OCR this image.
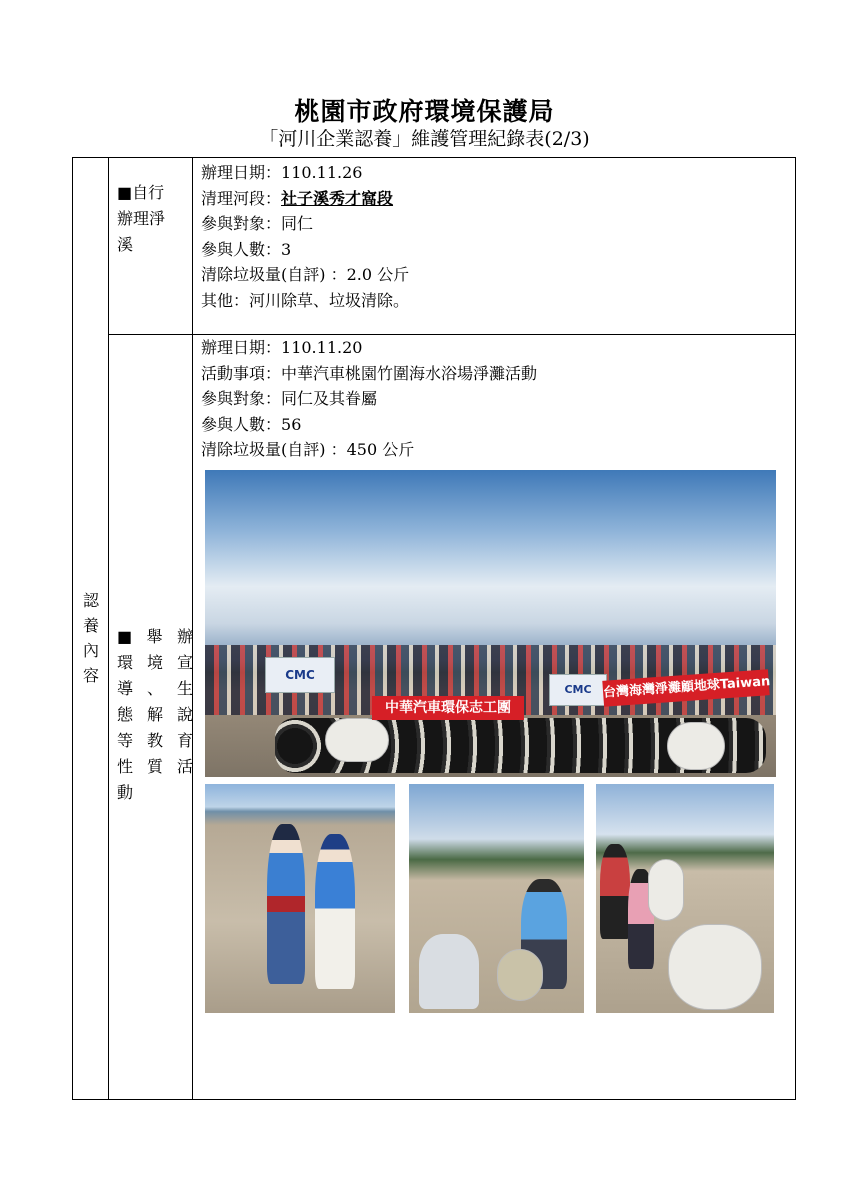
桃園市政府環境保護局
「河川企業認養」維護管理紀錄表(2/3)
認
養
內
容
■自行
辦理淨
溪
辦理日期：110.11.26
清理河段：社子溪秀才窩段
參與對象：同仁
參與人數：3
清除垃圾量(自評) ：2.0 公斤
其他：河川除草、垃圾清除。
■ 舉 辦
環 境 宣
導 、 生
態 解 說
等 教 育
性 質 活
動
辦理日期：110.11.20
活動事項：中華汽車桃園竹圍海水浴場淨灘活動
參與對象：同仁及其眷屬
參與人數：56
清除垃圾量(自評) ：450 公斤
CMC
CMC
中華汽車環保志工團
台灣海灣淨灘顧地球Taiwan
